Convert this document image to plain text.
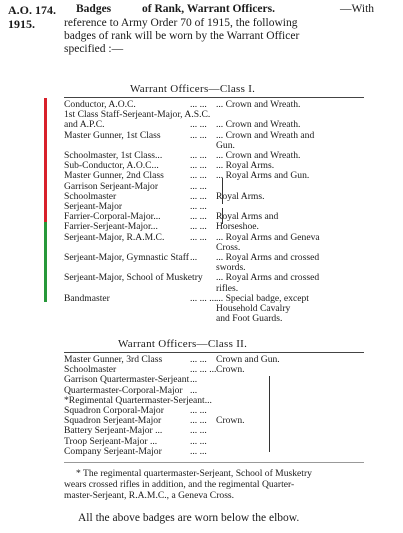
A.O. 174.
1915.
Badges	of Rank, Warrant Officers.	—With
reference to Army Order 70 of 1915, the following
badges of rank will be worn by the Warrant Officer
specified :—
Warrant Officers—Class I.
Conductor, A.O.C.	... ... ... Crown and Wreath.
1st Class Staff-Serjeant-Major, A.S.C.
and A.P.C.	... ... ... Crown and Wreath.
Master Gunner, 1st Class	... ... ... Crown and Wreath and
Gun.
Schoolmaster, 1st Class...	... ... ... Crown and Wreath.
Sub-Conductor, A.O.C...	... ... ... Royal Arms.
Master Gunner, 2nd Class	... ... ... Royal Arms and Gun.
Garrison Serjeant-Major	... ...
Schoolmaster	... ... Royal Arms.
Serjeant-Major	... ...
Farrier-Corporal-Major...	... ... Royal Arms and
Farrier-Serjeant-Major...	... ... Horseshoe.
Serjeant-Major, R.A.M.C.	... ... ... Royal Arms and Geneva
Cross.
Serjeant-Major, Gymnastic Staff ... ... Royal Arms and crossed
swords.
Serjeant-Major, School of Musketry ... Royal Arms and crossed
rifles.
Bandmaster	... ... ... ... Special badge, except
Household Cavalry
and Foot Guards.
Warrant Officers—Class II.
Master Gunner, 3rd Class	... ... Crown and Gun.
Schoolmaster	... ... ... Crown.
Garrison Quartermaster-Serjeant ...
Quartermaster-Corporal-Major ...
*Regimental Quartermaster-Serjeant...
Squadron Corporal-Major	... ...
Squadron Serjeant-Major	... ... Crown.
Battery Serjeant-Major ...	... ...
Troop Serjeant-Major ...	... ...
Company Serjeant-Major	... ...
* The regimental quartermaster-Serjeant, School of Musketry
wears crossed rifles in addition, and the regimental Quarter-
master-Serjeant, R.A.M.C., a Geneva Cross.
All the above badges are worn below the elbow.
